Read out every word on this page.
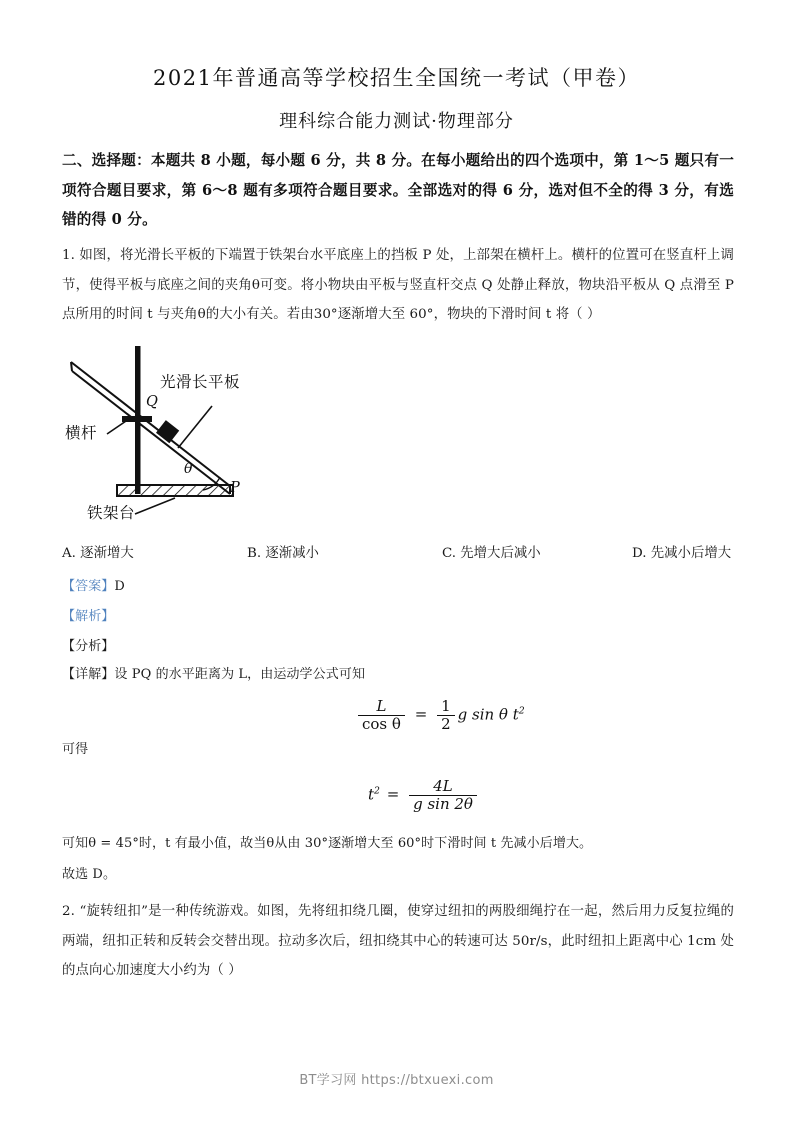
2021年普通高等学校招生全国统一考试（甲卷）
理科综合能力测试·物理部分
二、选择题：本题共 8 小题，每小题 6 分，共 8 分。在每小题给出的四个选项中，第 1～5 题只有一项符合题目要求，第 6～8 题有多项符合题目要求。全部选对的得 6 分，选对但不全的得 3 分，有选错的得 0 分。
1. 如图，将光滑长平板的下端置于铁架台水平底座上的挡板 P 处，上部架在横杆上。横杆的位置可在竖直杆上调节，使得平板与底座之间的夹角θ可变。将小物块由平板与竖直杆交点 Q 处静止释放，物块沿平板从 Q 点滑至 P 点所用的时间 t 与夹角θ的大小有关。若由30°逐渐增大至 60°，物块的下滑时间 t 将（ ）
光滑长平板
横杆
铁架台
Q
P
θ
A. 逐渐增大	B. 逐渐减小	C. 先增大后减小	D. 先减小后增大
【答案】D
【解析】
【分析】
【详解】设 PQ 的水平距离为 L，由运动学公式可知
$\frac{L}{\text{cos θ}} = \frac{1}{2}$ g sin θ $t^2$
可得
$t^2 = \frac{4L}{\text{g sin 2θ}}$
可知θ = 45°时，t 有最小值，故当θ从由 30°逐渐增大至 60°时下滑时间 t 先减小后增大。
故选 D。
2. “旋转纽扣”是一种传统游戏。如图，先将纽扣绕几圈，使穿过纽扣的两股细绳拧在一起，然后用力反复拉绳的两端，纽扣正转和反转会交替出现。拉动多次后，纽扣绕其中心的转速可达 50r/s，此时纽扣上距离中心 1cm 处的点向心加速度大小约为（ ）
BT学习网 https://btxuexi.com
